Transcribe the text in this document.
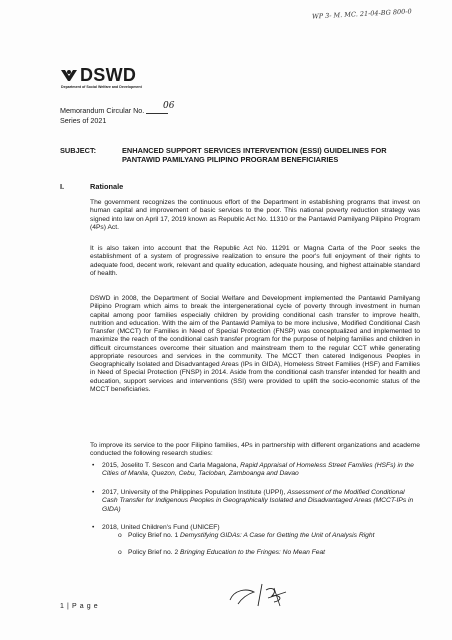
WP 3- M. MC. 21-04-BG 800-0
DSWD
Department of Social Welfare and Development
Memorandum Circular No.	06
Series of 2021
SUBJECT:	ENHANCED SUPPORT SERVICES INTERVENTION (ESSI) GUIDELINES FOR PANTAWID PAMILYANG PILIPINO PROGRAM BENEFICIARIES
I.	Rationale

The government recognizes the continuous effort of the Department in establishing programs that invest on human capital and improvement of basic services to the poor. This national poverty reduction strategy was signed into law on April 17, 2019 known as Republic Act No. 11310 or the Pantawid Pamilyang Pilipino Program (4Ps) Act.

It is also taken into account that the Republic Act No. 11291 or Magna Carta of the Poor seeks the establishment of a system of progressive realization to ensure the poor's full enjoyment of their rights to adequate food, decent work, relevant and quality education, adequate housing, and highest attainable standard of health.

DSWD in 2008, the Department of Social Welfare and Development implemented the Pantawid Pamilyang Pilipino Program which aims to break the intergenerational cycle of poverty through investment in human capital among poor families especially children by providing conditional cash transfer to improve health, nutrition and education. With the aim of the Pantawid Pamilya to be more inclusive, Modified Conditional Cash Transfer (MCCT) for Families in Need of Special Protection (FNSP) was conceptualized and implemented to maximize the reach of the conditional cash transfer program for the purpose of helping families and children in difficult circumstances overcome their situation and mainstream them to the regular CCT while generating appropriate resources and services in the community. The MCCT then catered Indigenous Peoples in Geographically Isolated and Disadvantaged Areas (IPs in GIDA), Homeless Street Families (HSF) and Families in Need of Special Protection (FNSP) in 2014. Aside from the conditional cash transfer intended for health and education, support services and interventions (SSI) were provided to uplift the socio-economic status of the MCCT beneficiaries.

To improve its service to the poor Filipino families, 4Ps in partnership with different organizations and academe conducted the following research studies:

• 2015, Joselito T. Sescon and Carla Magalona, Rapid Appraisal of Homeless Street Families (HSFs) in the Cities of Manila, Quezon, Cebu, Tacloban, Zamboanga and Davao
• 2017, University of the Philippines Population Institute (UPPI), Assessment of the Modified Conditional Cash Transfer for Indigenous Peoples in Geographically Isolated and Disadvantaged Areas (MCCT-IPs in GIDA)
• 2018, United Children's Fund (UNICEF)
o Policy Brief no. 1 Demystifying GIDAs: A Case for Getting the Unit of Analysis Right
o Policy Brief no. 2 Bringing Education to the Fringes: No Mean Feat
1 | P a g e
